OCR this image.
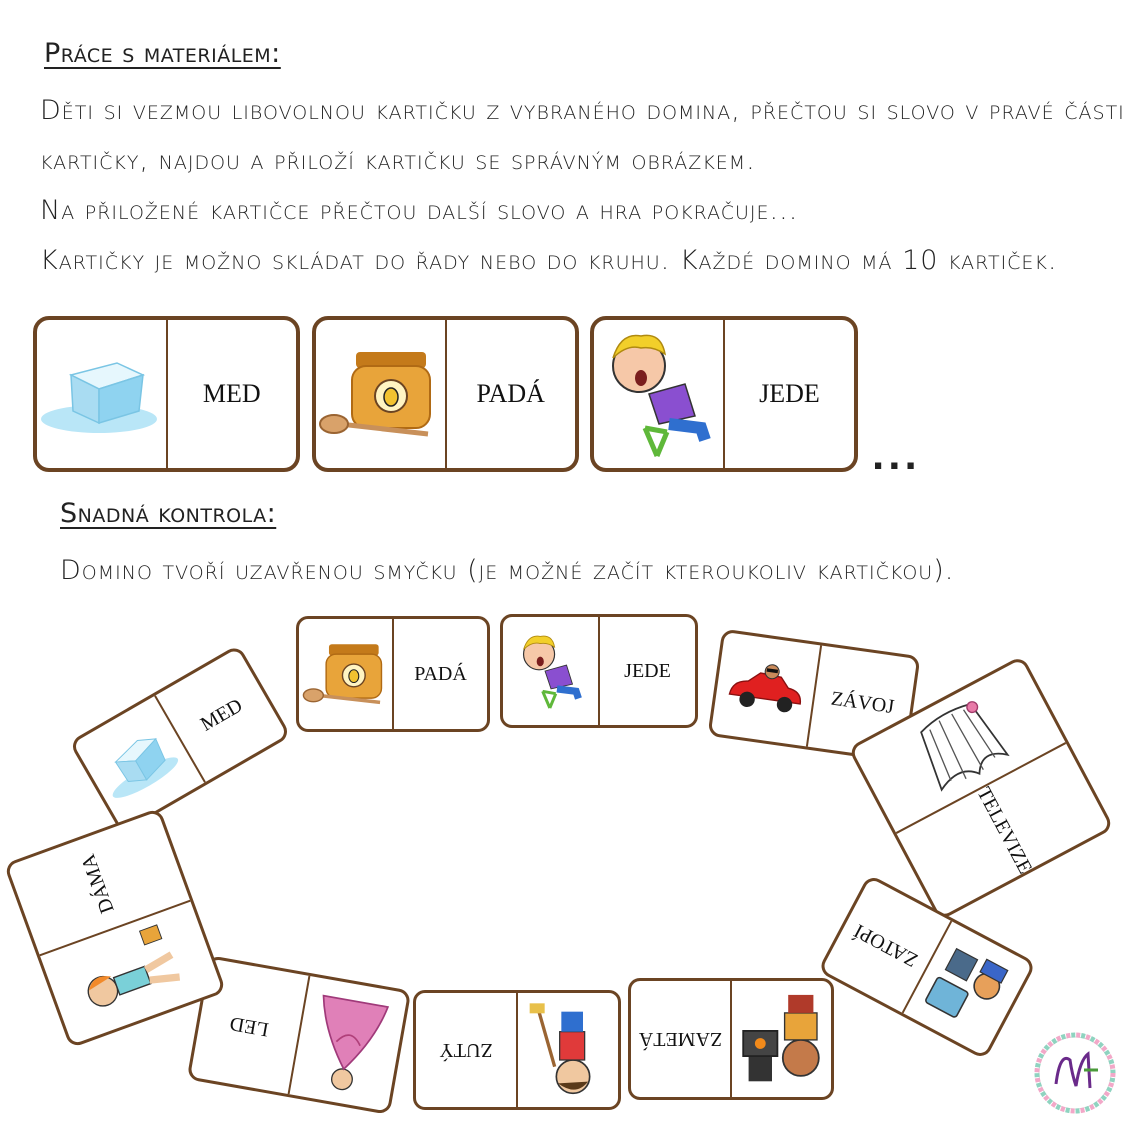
Práce s materiálem:
Děti si vezmou libovolnou kartičku z vybraného domina, přečtou si slovo v pravé části
kartičky, najdou a přiloží kartičku se správným obrázkem.
Na přiložené kartičce přečtou další slovo a hra pokračuje...
Kartičky je možno skládat do řady nebo do kruhu. Každé domino má 10 kartiček.
MED	PADÁ	JEDE
...
Snadná kontrola:
Domino tvoří uzavřenou smyčku (je možné začít kteroukoliv kartičkou).
MED
PADÁ	JEDE
ZÁVOJ
TELEVIZE
ZATOPÍ
ZAMETÁ
ZUTÝ
LED
DÁMA
